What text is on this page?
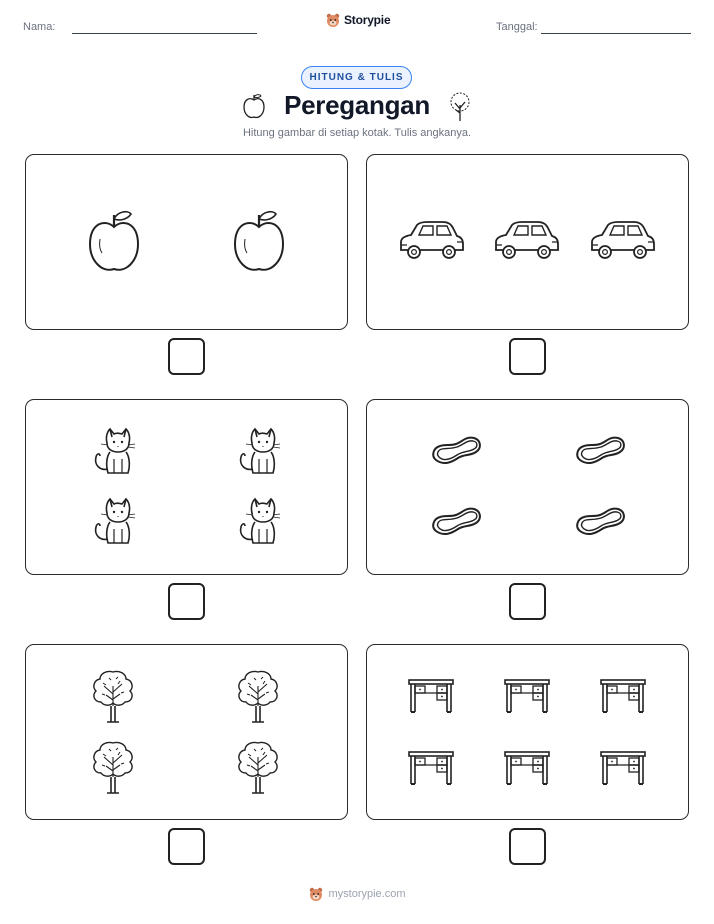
Nama:	Tanggal:
Storypie
HITUNG & TULIS
Peregangan
Hitung gambar di setiap kotak. Tulis angkanya.
mystorypie.com
